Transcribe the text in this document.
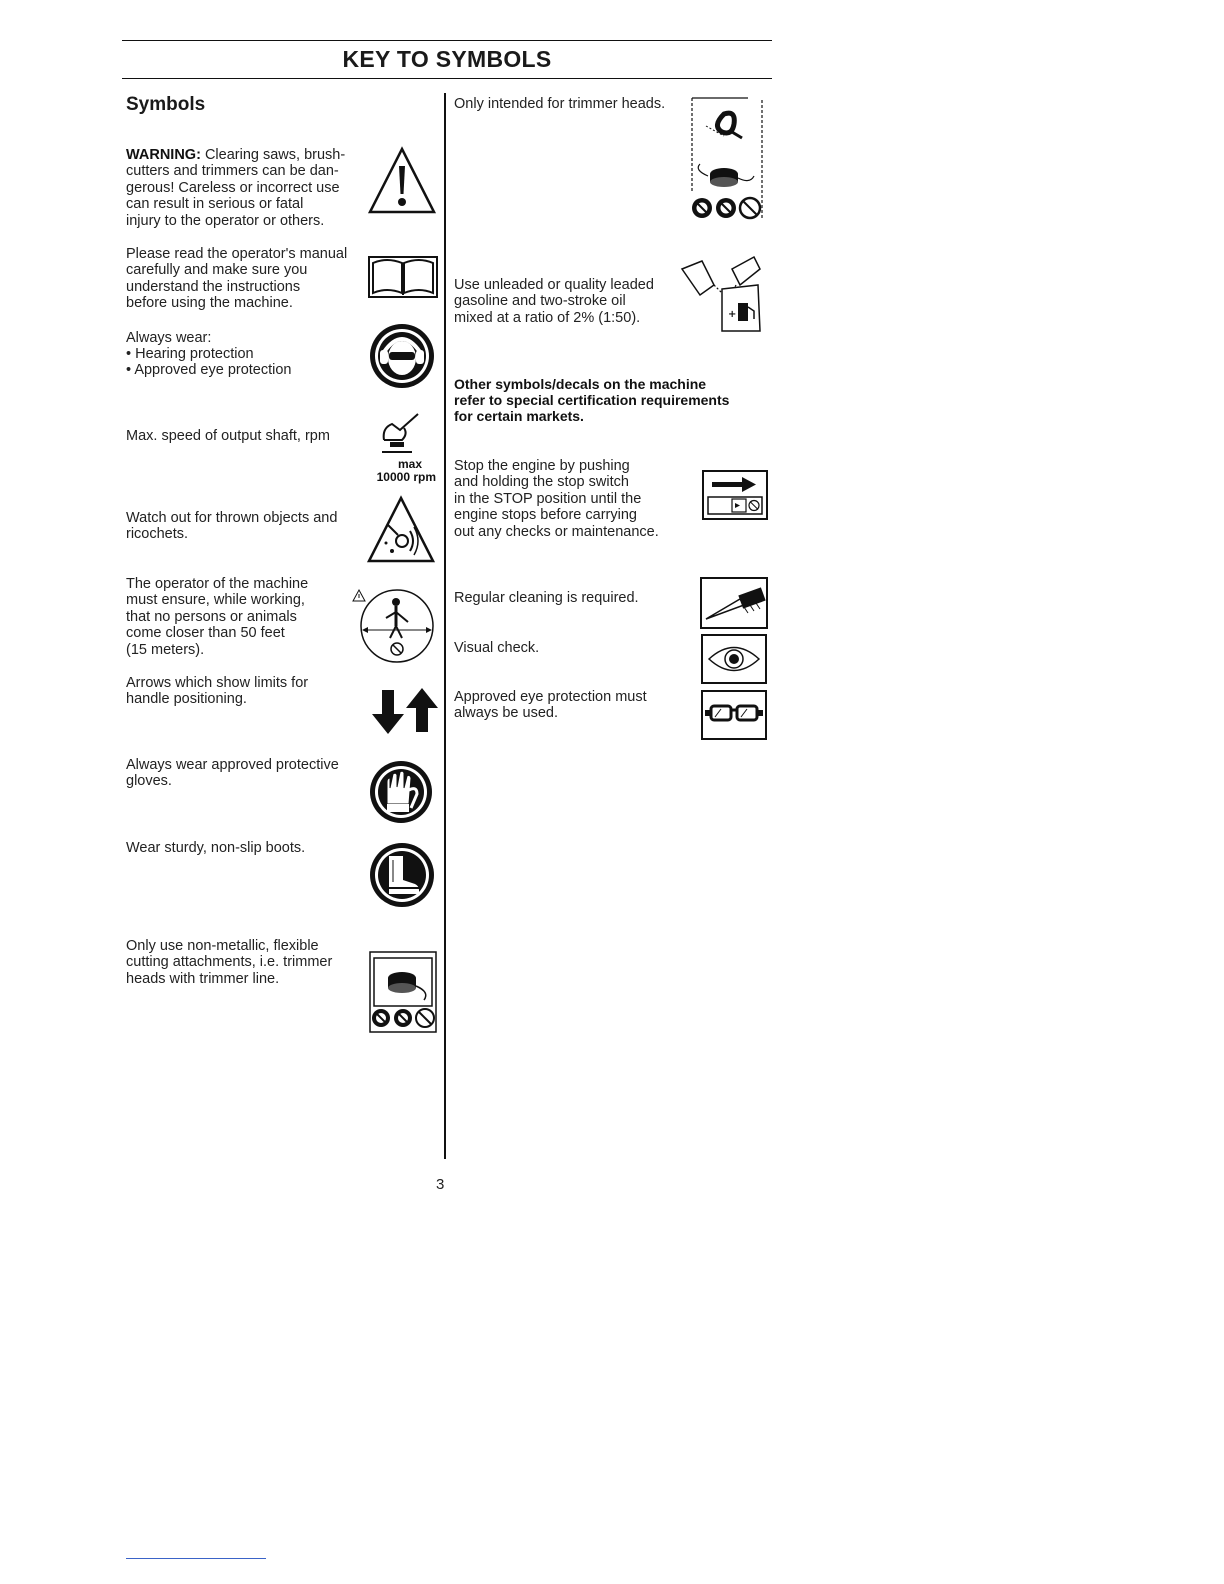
KEY TO SYMBOLS
Symbols

WARNING: Clearing saws, brush-
cutters and trimmers can be dan-
gerous! Careless or incorrect use
can result in serious or fatal
injury to the operator or others.

Please read the operator's manual
carefully and make sure you
understand the instructions
before using the machine.

Always wear:

• Hearing protection
• Approved eye protection

Max. speed of output shaft, rpm

max
10000 rpm

Watch out for thrown objects and
ricochets.

The operator of the machine
must ensure, while working,
that no persons or animals
come closer than 50 feet
(15 meters).

Arrows which show limits for
handle positioning.

Always wear approved protective
gloves.

Wear sturdy, non-slip boots.

Only use non-metallic, flexible
cutting attachments, i.e. trimmer
heads with trimmer line.

Only intended for trimmer heads.

Use unleaded or quality leaded
gasoline and two-stroke oil
mixed at a ratio of 2% (1:50).	+

Other symbols/decals on the machine
refer to special certification requirements
for certain markets.

Stop the engine by pushing
and holding the stop switch
in the STOP position until the
engine stops before carrying
out any checks or maintenance.

Regular cleaning is required.

Visual check.

Approved eye protection must
always be used.

3
